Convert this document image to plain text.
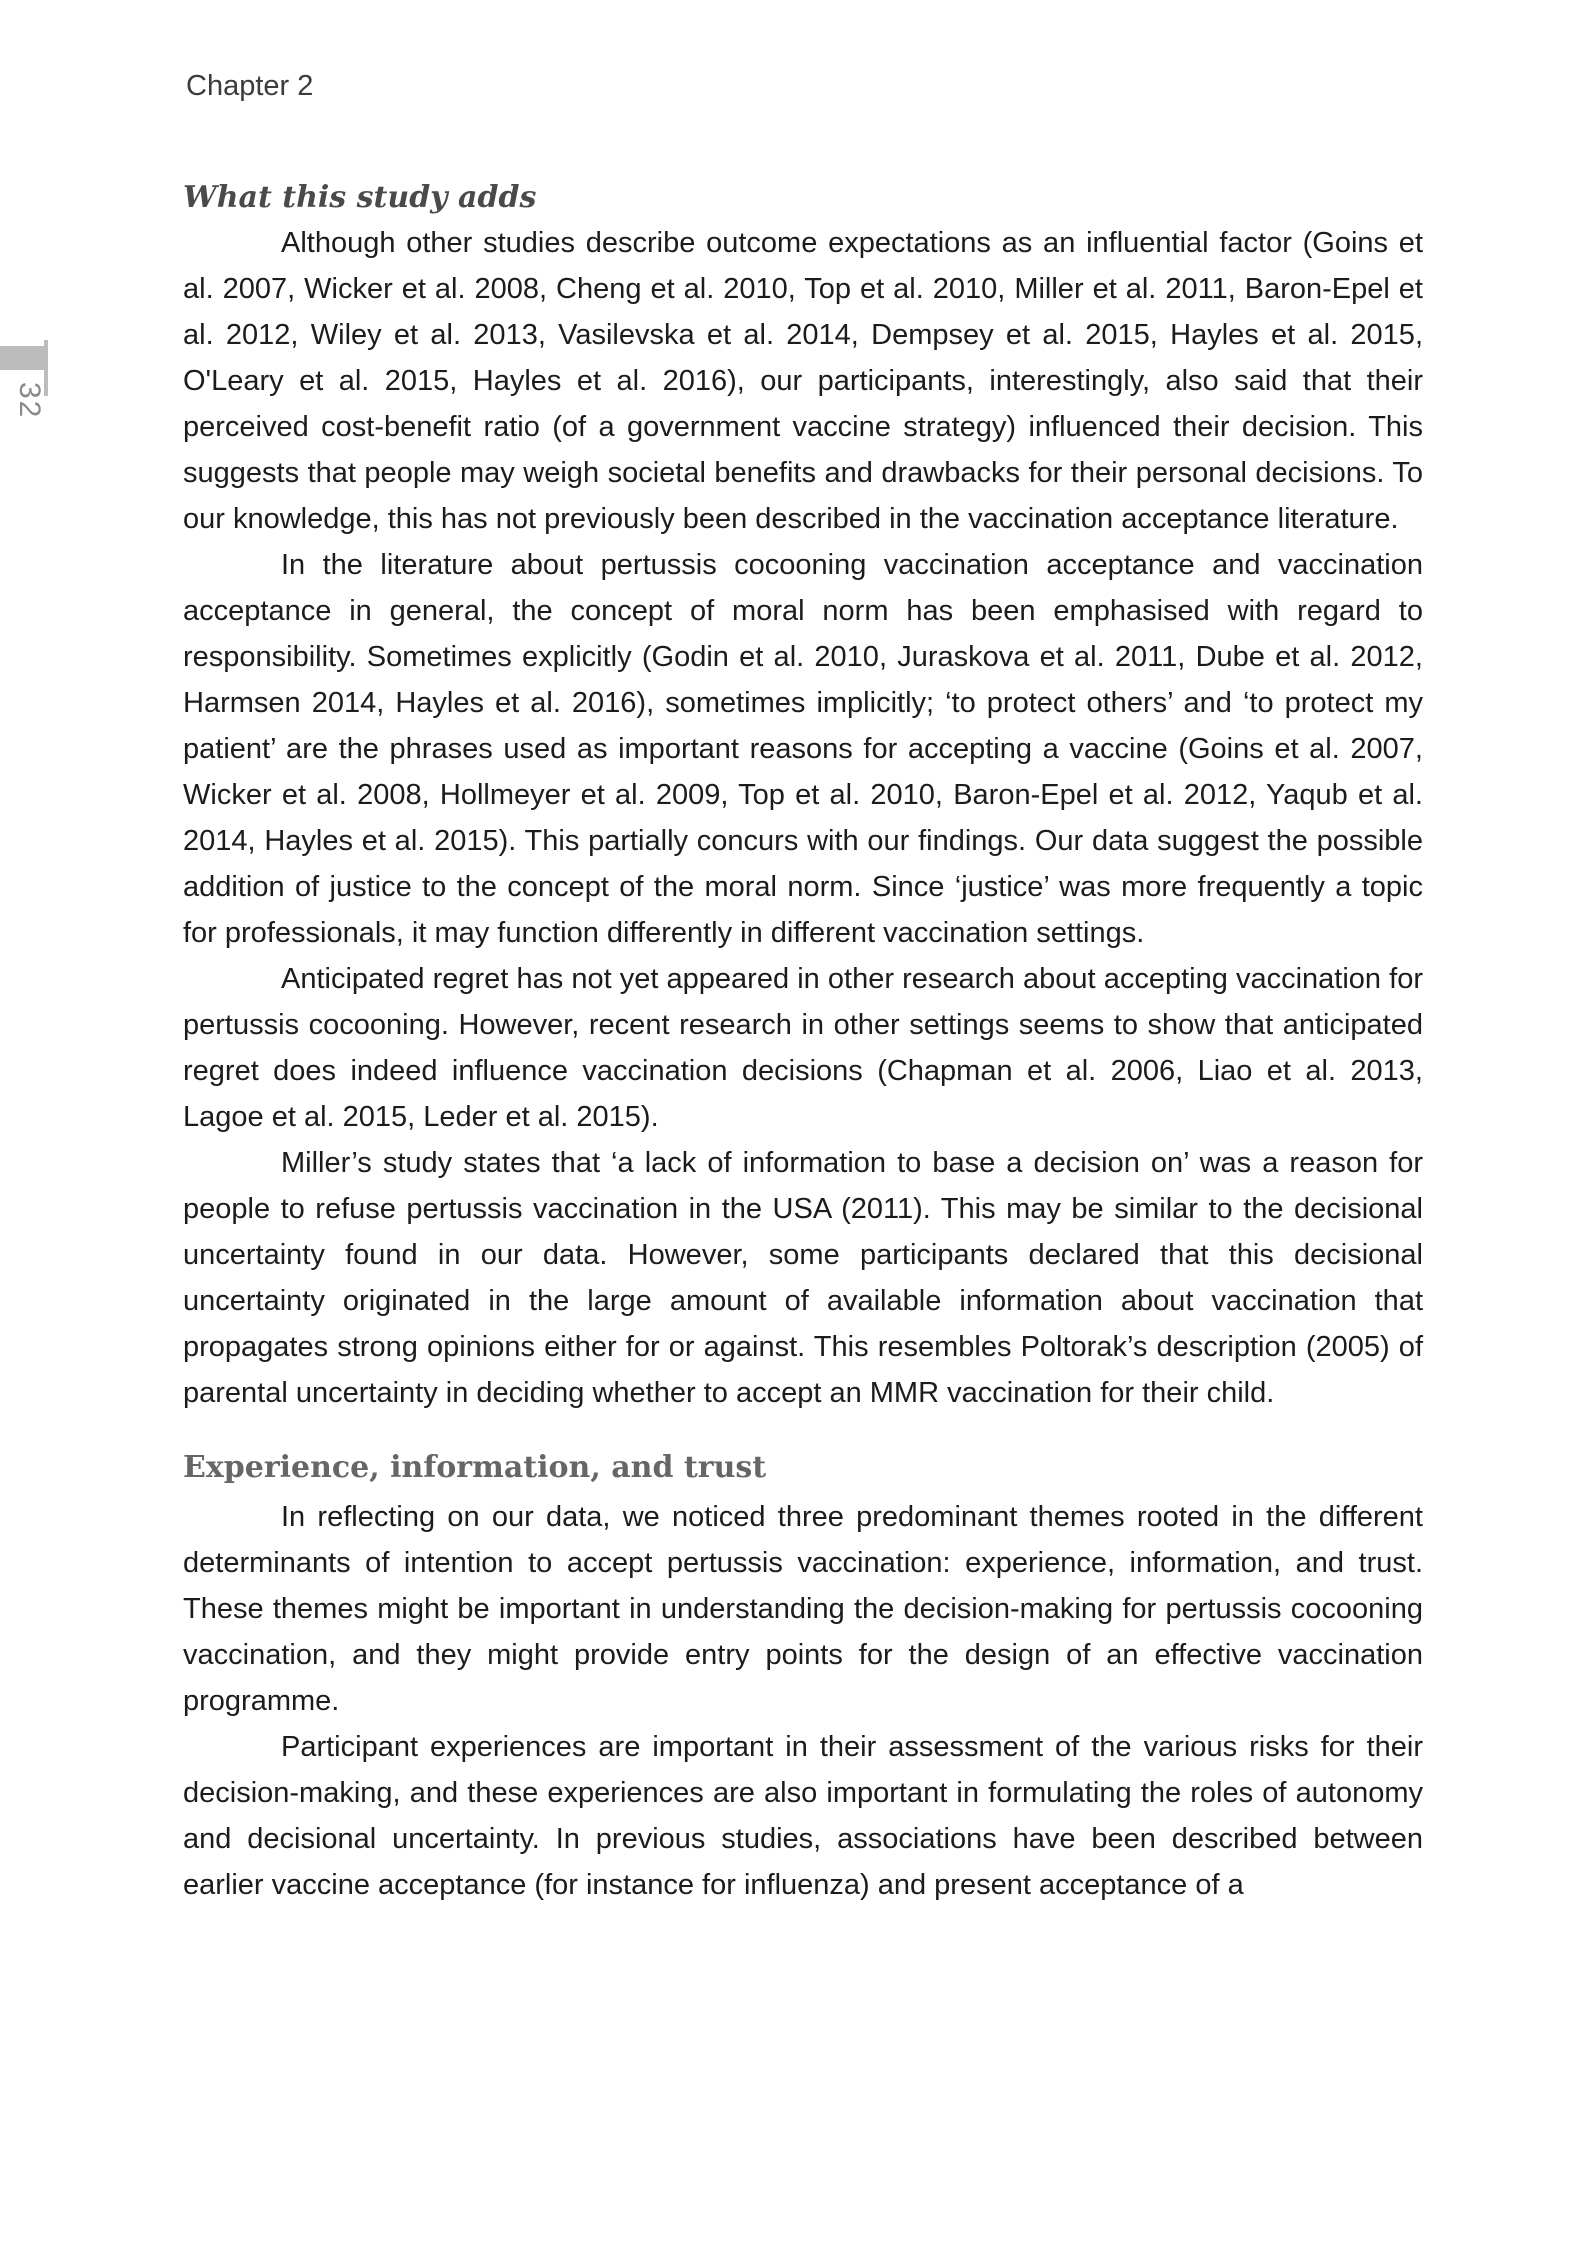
Chapter 2
32
What this study adds

Although other studies describe outcome expectations as an influential factor (Goins et al. 2007, Wicker et al. 2008, Cheng et al. 2010, Top et al. 2010, Miller et al. 2011, Baron-Epel et al. 2012, Wiley et al. 2013, Vasilevska et al. 2014, Dempsey et al. 2015, Hayles et al. 2015, O'Leary et al. 2015, Hayles et al. 2016), our participants, interestingly, also said that their perceived cost-benefit ratio (of a government vaccine strategy) influenced their decision. This suggests that people may weigh societal benefits and drawbacks for their personal decisions. To our knowledge, this has not previously been described in the vaccination acceptance literature.

In the literature about pertussis cocooning vaccination acceptance and vaccination acceptance in general, the concept of moral norm has been emphasised with regard to responsibility. Sometimes explicitly (Godin et al. 2010, Juraskova et al. 2011, Dube et al. 2012, Harmsen 2014, Hayles et al. 2016), sometimes implicitly; ‘to protect others’ and ‘to protect my patient’ are the phrases used as important reasons for accepting a vaccine (Goins et al. 2007, Wicker et al. 2008, Hollmeyer et al. 2009, Top et al. 2010, Baron-Epel et al. 2012, Yaqub et al. 2014, Hayles et al. 2015). This partially concurs with our findings. Our data suggest the possible addition of justice to the concept of the moral norm. Since ‘justice’ was more frequently a topic for professionals, it may function differently in different vaccination settings.

Anticipated regret has not yet appeared in other research about accepting vaccination for pertussis cocooning. However, recent research in other settings seems to show that anticipated regret does indeed influence vaccination decisions (Chapman et al. 2006, Liao et al. 2013, Lagoe et al. 2015, Leder et al. 2015).

Miller’s study states that ‘a lack of information to base a decision on’ was a reason for people to refuse pertussis vaccination in the USA (2011). This may be similar to the decisional uncertainty found in our data. However, some participants declared that this decisional uncertainty originated in the large amount of available information about vaccination that propagates strong opinions either for or against. This resembles Poltorak’s description (2005) of parental uncertainty in deciding whether to accept an MMR vaccination for their child.

Experience, information, and trust

In reflecting on our data, we noticed three predominant themes rooted in the different determinants of intention to accept pertussis vaccination: experience, information, and trust. These themes might be important in understanding the decision-making for pertussis cocooning vaccination, and they might provide entry points for the design of an effective vaccination programme.

Participant experiences are important in their assessment of the various risks for their decision-making, and these experiences are also important in formulating the roles of autonomy and decisional uncertainty. In previous studies, associations have been described between earlier vaccine acceptance (for instance for influenza) and present acceptance of a
